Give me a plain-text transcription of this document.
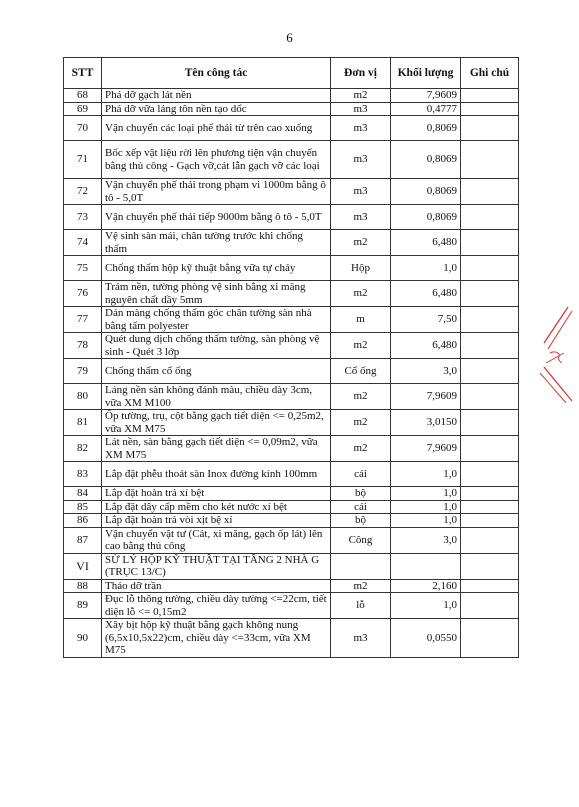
6
STT	Tên công tác	Đơn vị	Khối lượng	Ghi chú
68	Phá dỡ gạch lát nền	m2	7,9609	
69	Phá dỡ vữa láng tôn nền tạo dốc	m3	0,4777	
70	Vận chuyển các loại phế thải từ trên cao xuống	m3	0,8069	
71	Bốc xếp vật liệu rời lên phương tiện vận chuyển bằng thủ công - Gạch vỡ,cát lẫn gạch vỡ các loại	m3	0,8069	
72	Vận chuyển phế thải trong phạm vi 1000m bằng ô tô - 5,0T	m3	0,8069	
73	Vận chuyển phế thải tiếp 9000m bằng ô tô - 5,0T	m3	0,8069	
74	Vệ sinh sàn mái, chân tường trước khi chống thấm	m2	6,480	
75	Chống thấm hộp kỹ thuật bằng vữa tự chảy	Hộp	1,0	
76	Trám nền, tường phòng vệ sinh bằng xi măng nguyên chất dầy 5mm	m2	6,480	
77	Dán màng chống thấm góc chân tường sàn nhà bằng tấm polyester	m	7,50	
78	Quét dung dịch chống thấm tường, sàn phòng vệ sinh - Quét 3 lớp	m2	6,480	
79	Chống thấm cổ ống	Cổ ống	3,0	
80	Láng nền sàn không đánh màu, chiều dày 3cm, vữa XM M100	m2	7,9609	
81	Ốp tường, trụ, cột bằng gạch tiết diện <= 0,25m2, vữa XM M75	m2	3,0150	
82	Lát nền, sàn bằng gạch tiết diện <= 0,09m2, vữa XM M75	m2	7,9609	
83	Lắp đặt phễu thoát sàn Inox đường kính 100mm	cái	1,0	
84	Lắp đặt hoàn trả xí bệt	bộ	1,0	
85	Lắp đặt dây cấp mềm cho két nước xí bệt	cái	1,0	
86	Lắp đặt hoàn trả vòi xịt bệ xí	bộ	1,0	
87	Vận chuyển vật tư (Cát, xi măng, gạch ốp lát) lên cao bằng thủ công	Công	3,0	
VI	SỬ LÝ HỘP KỸ THUẬT TẠI TẦNG 2 NHÀ G (TRỤC 13/C)			
88	Tháo dỡ trần	m2	2,160	
89	Đục lỗ thông tường, chiều dày tường <=22cm, tiết diện lỗ <= 0,15m2	lỗ	1,0	
90	Xây bịt hộp kỹ thuật bằng gạch không nung (6,5x10,5x22)cm, chiều dày <=33cm, vữa XM M75	m3	0,0550	
